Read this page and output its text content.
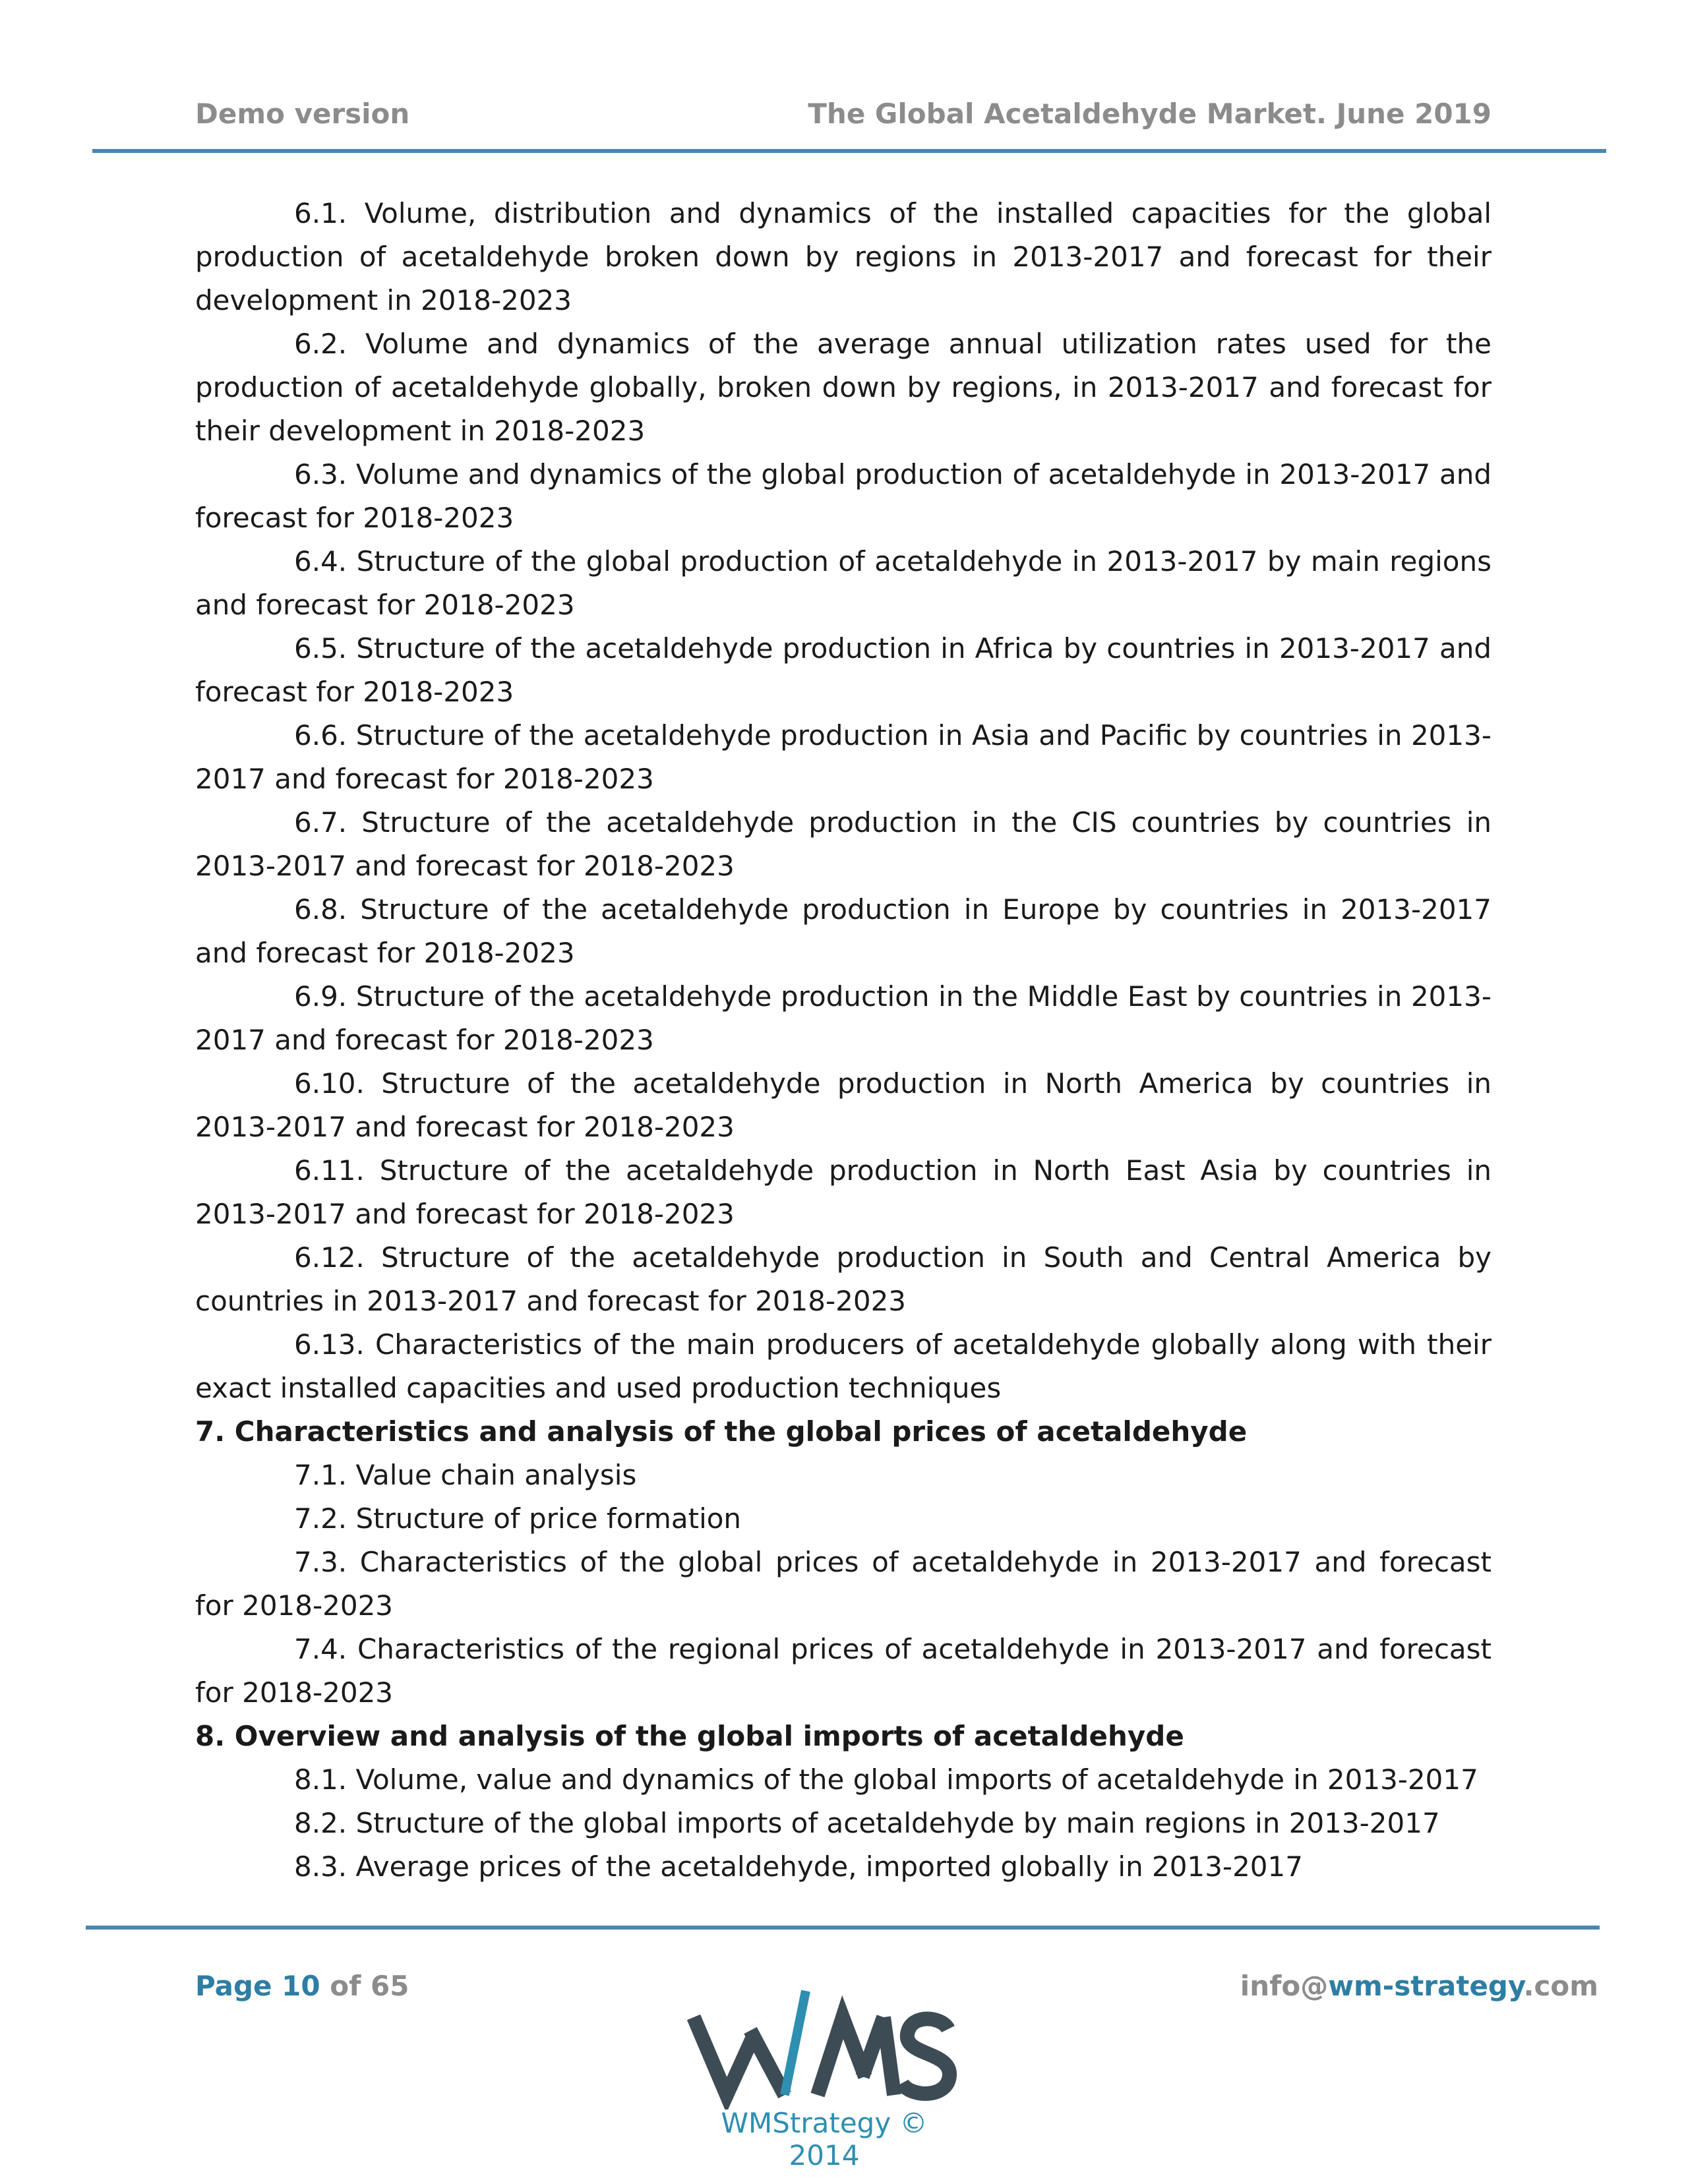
Demo version	The Global Acetaldehyde Market. June 2019

6.1. Volume, distribution and dynamics of the installed capacities for the global production of acetaldehyde broken down by regions in 2013-2017 and forecast for their development in 2018-2023

6.2. Volume and dynamics of the average annual utilization rates used for the production of acetaldehyde globally, broken down by regions, in 2013-2017 and forecast for their development in 2018-2023

6.3. Volume and dynamics of the global production of acetaldehyde in 2013-2017 and forecast for 2018-2023

6.4. Structure of the global production of acetaldehyde in 2013-2017 by main regions and forecast for 2018-2023

6.5. Structure of the acetaldehyde production in Africa by countries in 2013-2017 and forecast for 2018-2023

6.6. Structure of the acetaldehyde production in Asia and Pacific by countries in 2013-2017 and forecast for 2018-2023

6.7. Structure of the acetaldehyde production in the CIS countries by countries in 2013-2017 and forecast for 2018-2023

6.8. Structure of the acetaldehyde production in Europe by countries in 2013-2017 and forecast for 2018-2023

6.9. Structure of the acetaldehyde production in the Middle East by countries in 2013-2017 and forecast for 2018-2023

6.10. Structure of the acetaldehyde production in North America by countries in 2013-2017 and forecast for 2018-2023

6.11. Structure of the acetaldehyde production in North East Asia by countries in 2013-2017 and forecast for 2018-2023

6.12. Structure of the acetaldehyde production in South and Central America by countries in 2013-2017 and forecast for 2018-2023

6.13. Characteristics of the main producers of acetaldehyde globally along with their exact installed capacities and used production techniques

7. Characteristics and analysis of the global prices of acetaldehyde

7.1. Value chain analysis

7.2. Structure of price formation

7.3. Characteristics of the global prices of acetaldehyde in 2013-2017 and forecast for 2018-2023

7.4. Characteristics of the regional prices of acetaldehyde in 2013-2017 and forecast for 2018-2023

8. Overview and analysis of the global imports of acetaldehyde

8.1. Volume, value and dynamics of the global imports of acetaldehyde in 2013-2017

8.2. Structure of the global imports of acetaldehyde by main regions in 2013-2017

8.3. Average prices of the acetaldehyde, imported globally in 2013-2017

Page 10 of 65	info@wm-strategy.com
WMStrategy © 2014
